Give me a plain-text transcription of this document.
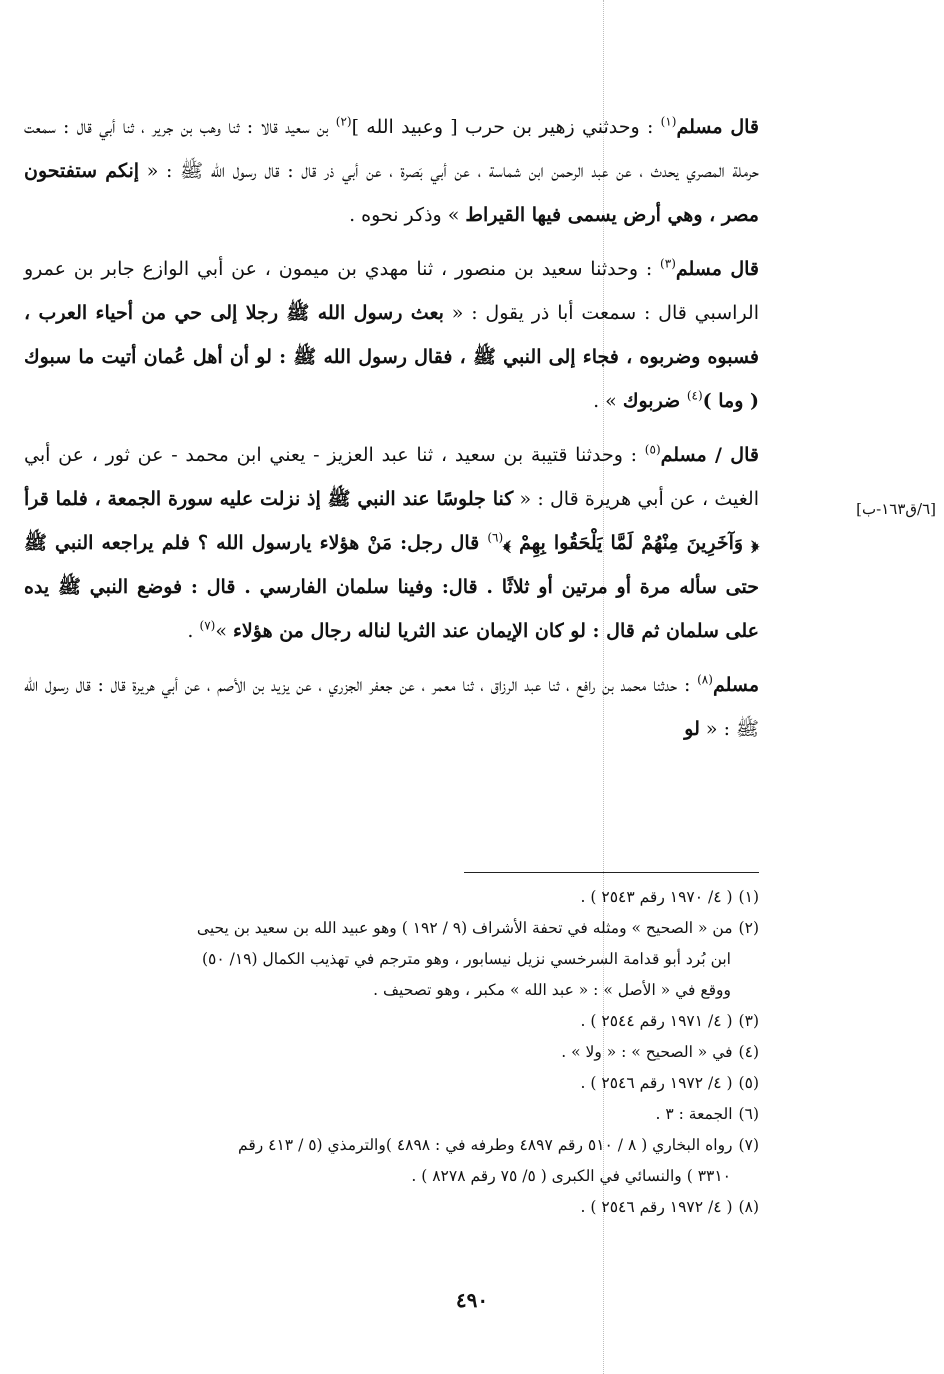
[٦/ق١٦٣-ب]

قال مسلم$^{(١)}$ : وحدثني زهير بن حرب [ وعبيد الله ]$^{(٢)}$ بن سعيد قالا : ثنا وهب بن جرير ، ثنا أبي قال : سمعت حرملة المصري يحدث ، عن عبد الرحمن ابن شماسة ، عن أبي بَصرة ، عن أبي ذر قال : قال رسول الله ﷺ : « إنكم ستفتحون مصر ، وهي أرض يسمى فيها القيراط » وذكر نحوه .

قال مسلم$^{(٣)}$ : وحدثنا سعيد بن منصور ، ثنا مهدي بن ميمون ، عن أبي الوازع جابر بن عمرو الراسبي قال : سمعت أبا ذر يقول : « بعث رسول الله ﷺ رجلا إلى حي من أحياء العرب ، فسبوه وضربوه ، فجاء إلى النبي ﷺ ، فقال رسول الله ﷺ : لو أن أهل عُمان أتيت ما سبوك ( وما )$^{(٤)}$ ضربوك » .

قال / مسلم$^{(٥)}$ : وحدثنا قتيبة بن سعيد ، ثنا عبد العزيز - يعني ابن محمد - عن ثور ، عن أبي الغيث ، عن أبي هريرة قال : « كنا جلوسًا عند النبي ﷺ إذ نزلت عليه سورة الجمعة ، فلما قرأ ﴿ وَآخَرِينَ مِنْهُمْ لَمَّا يَلْحَقُوا بِهِمْ ﴾$^{(٦)}$ قال رجل: مَنْ هؤلاء يارسول الله ؟ فلم يراجعه النبي ﷺ حتى سأله مرة أو مرتين أو ثلاثًا . قال: وفينا سلمان الفارسي . قال : فوضع النبي ﷺ يده على سلمان ثم قال : لو كان الإيمان عند الثريا لناله رجال من هؤلاء »$^{(٧)}$ .

مسلم$^{(٨)}$ : حدثنا محمد بن رافع ، ثنا عبد الرزاق ، ثنا معمر ، عن جعفر الجزري ، عن يزيد بن الأصم ، عن أبي هريرة قال : قال رسول الله ﷺ : « لو

(١)( ٤/ ١٩٧٠ رقم ٢٥٤٣ ) .

(٢)من « الصحيح » ومثله في تحفة الأشراف (٩ / ١٩٢ ) وهو عبيد الله بن سعيد بن يحيى
ابن بُرد أبو قدامة السرخسي نزيل نيسابور ، وهو مترجم في تهذيب الكمال (١٩/ ٥٠)
ووقع في « الأصل » : « عبد الله » مكبر ، وهو تصحيف .

(٣)( ٤/ ١٩٧١ رقم ٢٥٤٤ ) .

(٤)في « الصحيح » : « ولا » .

(٥)( ٤/ ١٩٧٢ رقم ٢٥٤٦ ) .

(٦)الجمعة : ٣ .

(٧)رواه البخاري ( ٨ / ٥١٠ رقم ٤٨٩٧ وطرفه في : ٤٨٩٨ )والترمذي (٥ / ٤١٣ رقم
٣٣١٠ ) والنسائي في الكبرى ( ٥/ ٧٥ رقم ٨٢٧٨ ) .

(٨)( ٤/ ١٩٧٢ رقم ٢٥٤٦ ) .

٤٩٠
